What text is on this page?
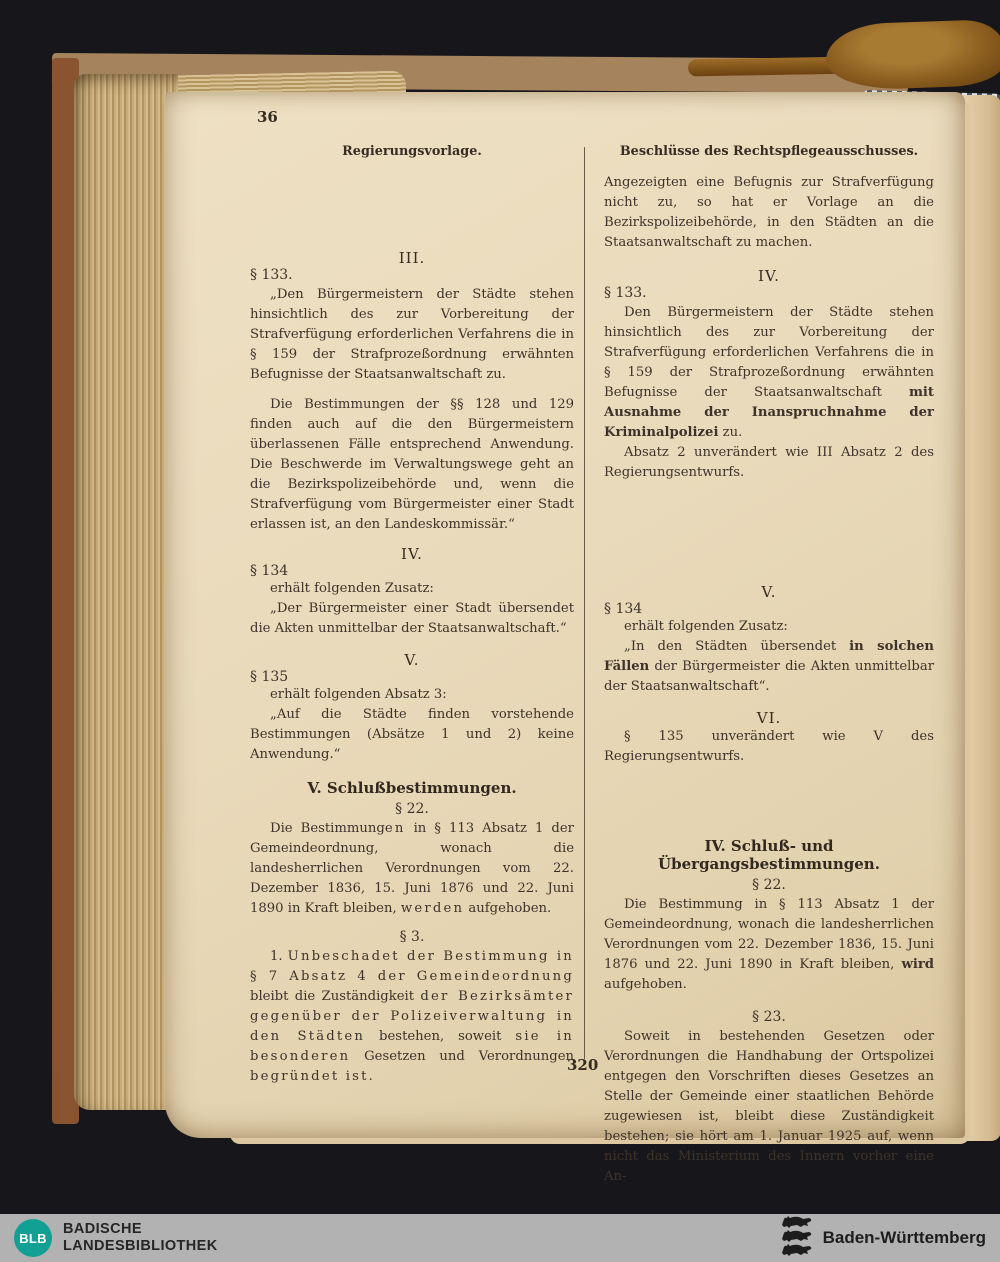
36
Regierungsvorlage.
III.
§ 133.

„Den Bürgermeistern der Städte stehen hinsichtlich des zur Vorbereitung der Strafverfügung erforderlichen Verfahrens die in § 159 der Strafprozeßordnung erwähnten Befugnisse der Staatsanwaltschaft zu.

Die Bestimmungen der §§ 128 und 129 finden auch auf die den Bürgermeistern überlassenen Fälle entsprechend Anwendung. Die Beschwerde im Verwaltungswege geht an die Bezirkspolizeibehörde und, wenn die Strafverfügung vom Bürgermeister einer Stadt erlassen ist, an den Landeskommissär.“

IV.
§ 134

erhält folgenden Zusatz:

„Der Bürgermeister einer Stadt übersendet die Akten unmittelbar der Staatsanwaltschaft.“

V.
§ 135

erhält folgenden Absatz 3:

„Auf die Städte finden vorstehende Bestimmungen (Absätze 1 und 2) keine Anwendung.“

V. Schlußbestimmungen.
§ 22.

Die Bestimmungen in § 113 Absatz 1 der Gemeindeordnung, wonach die landesherrlichen Verordnungen vom 22. Dezember 1836, 15. Juni 1876 und 22. Juni 1890 in Kraft bleiben, werden aufgehoben.

§ 3.

1. Unbeschadet der Bestimmung in § 7 Absatz 4 der Gemeindeordnung bleibt die Zuständigkeit der Bezirksämter gegenüber der Polizeiverwaltung in den Städten bestehen, soweit sie in besonderen Gesetzen und Verordnungen begründet ist.

Beschlüsse des Rechtspflegeausschusses.

Angezeigten eine Befugnis zur Strafverfügung nicht zu, so hat er Vorlage an die Bezirkspolizeibehörde, in den Städten an die Staatsanwaltschaft zu machen.

IV.
§ 133.

Den Bürgermeistern der Städte stehen hinsichtlich des zur Vorbereitung der Strafverfügung erforderlichen Verfahrens die in § 159 der Strafprozeßordnung erwähnten Befugnisse der Staatsanwaltschaft mit Ausnahme der Inanspruchnahme der Kriminalpolizei zu.

Absatz 2 unverändert wie III Absatz 2 des Regierungsentwurfs.

V.
§ 134

erhält folgenden Zusatz:

„In den Städten übersendet in solchen Fällen der Bürgermeister die Akten unmittelbar der Staatsanwaltschaft“.

VI.

§ 135 unverändert wie V des Regierungsentwurfs.

IV. Schluß- und Übergangsbestimmungen.
§ 22.

Die Bestimmung in § 113 Absatz 1 der Gemeindeordnung, wonach die landesherrlichen Verordnungen vom 22. Dezember 1836, 15. Juni 1876 und 22. Juni 1890 in Kraft bleiben, wird aufgehoben.

§ 23.

Soweit in bestehenden Gesetzen oder Verordnungen die Handhabung der Ortspolizei entgegen den Vorschriften dieses Gesetzes an Stelle der Gemeinde einer staatlichen Behörde zugewiesen ist, bleibt diese Zuständigkeit bestehen; sie hört am 1. Januar 1925 auf, wenn nicht das Ministerium des Innern vorher eine An-

320
BLB
BADISCHE
LANDESBIBLIOTHEK	Baden-Württemberg
